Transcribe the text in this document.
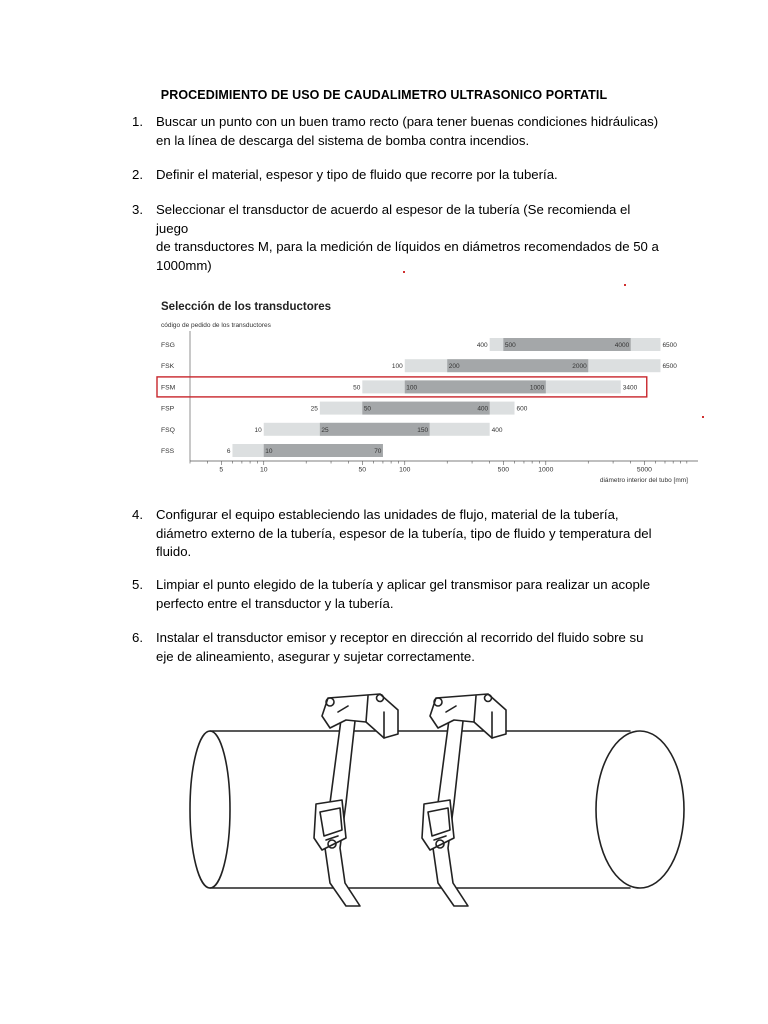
PROCEDIMIENTO DE USO DE CAUDALIMETRO ULTRASONICO PORTATIL
1. Buscar un punto con un buen tramo recto (para tener buenas condiciones hidráulicas)
en la línea de descarga del sistema de bomba contra incendios.
2. Definir el material, espesor y tipo de fluido que recorre por la tubería.
3. Seleccionar el transductor de acuerdo al espesor de la tubería (Se recomienda el juego
de transductores M, para la medición de líquidos en diámetros recomendados de 50 a
1000mm)
Selección de los transductores
código de pedido de los transductores
FSG	400	500	4000	6500
FSK	100	200	2000	6500
FSM	50	100	1000	3400
FSP	25	50	400	600
FSQ	10	25	150	400
FSS	6	10	70
5	10	50	100	500	1000	5000
diámetro interior del tubo [mm]
4. Configurar el equipo estableciendo las unidades de flujo, material de la tubería,
diámetro externo de la tubería, espesor de la tubería, tipo de fluido y temperatura del
fluido.
5. Limpiar el punto elegido de la tubería y aplicar gel transmisor para realizar un acople
perfecto entre el transductor y la tubería.
6. Instalar el transductor emisor y receptor en dirección al recorrido del fluido sobre su
eje de alineamiento, asegurar y sujetar correctamente.
